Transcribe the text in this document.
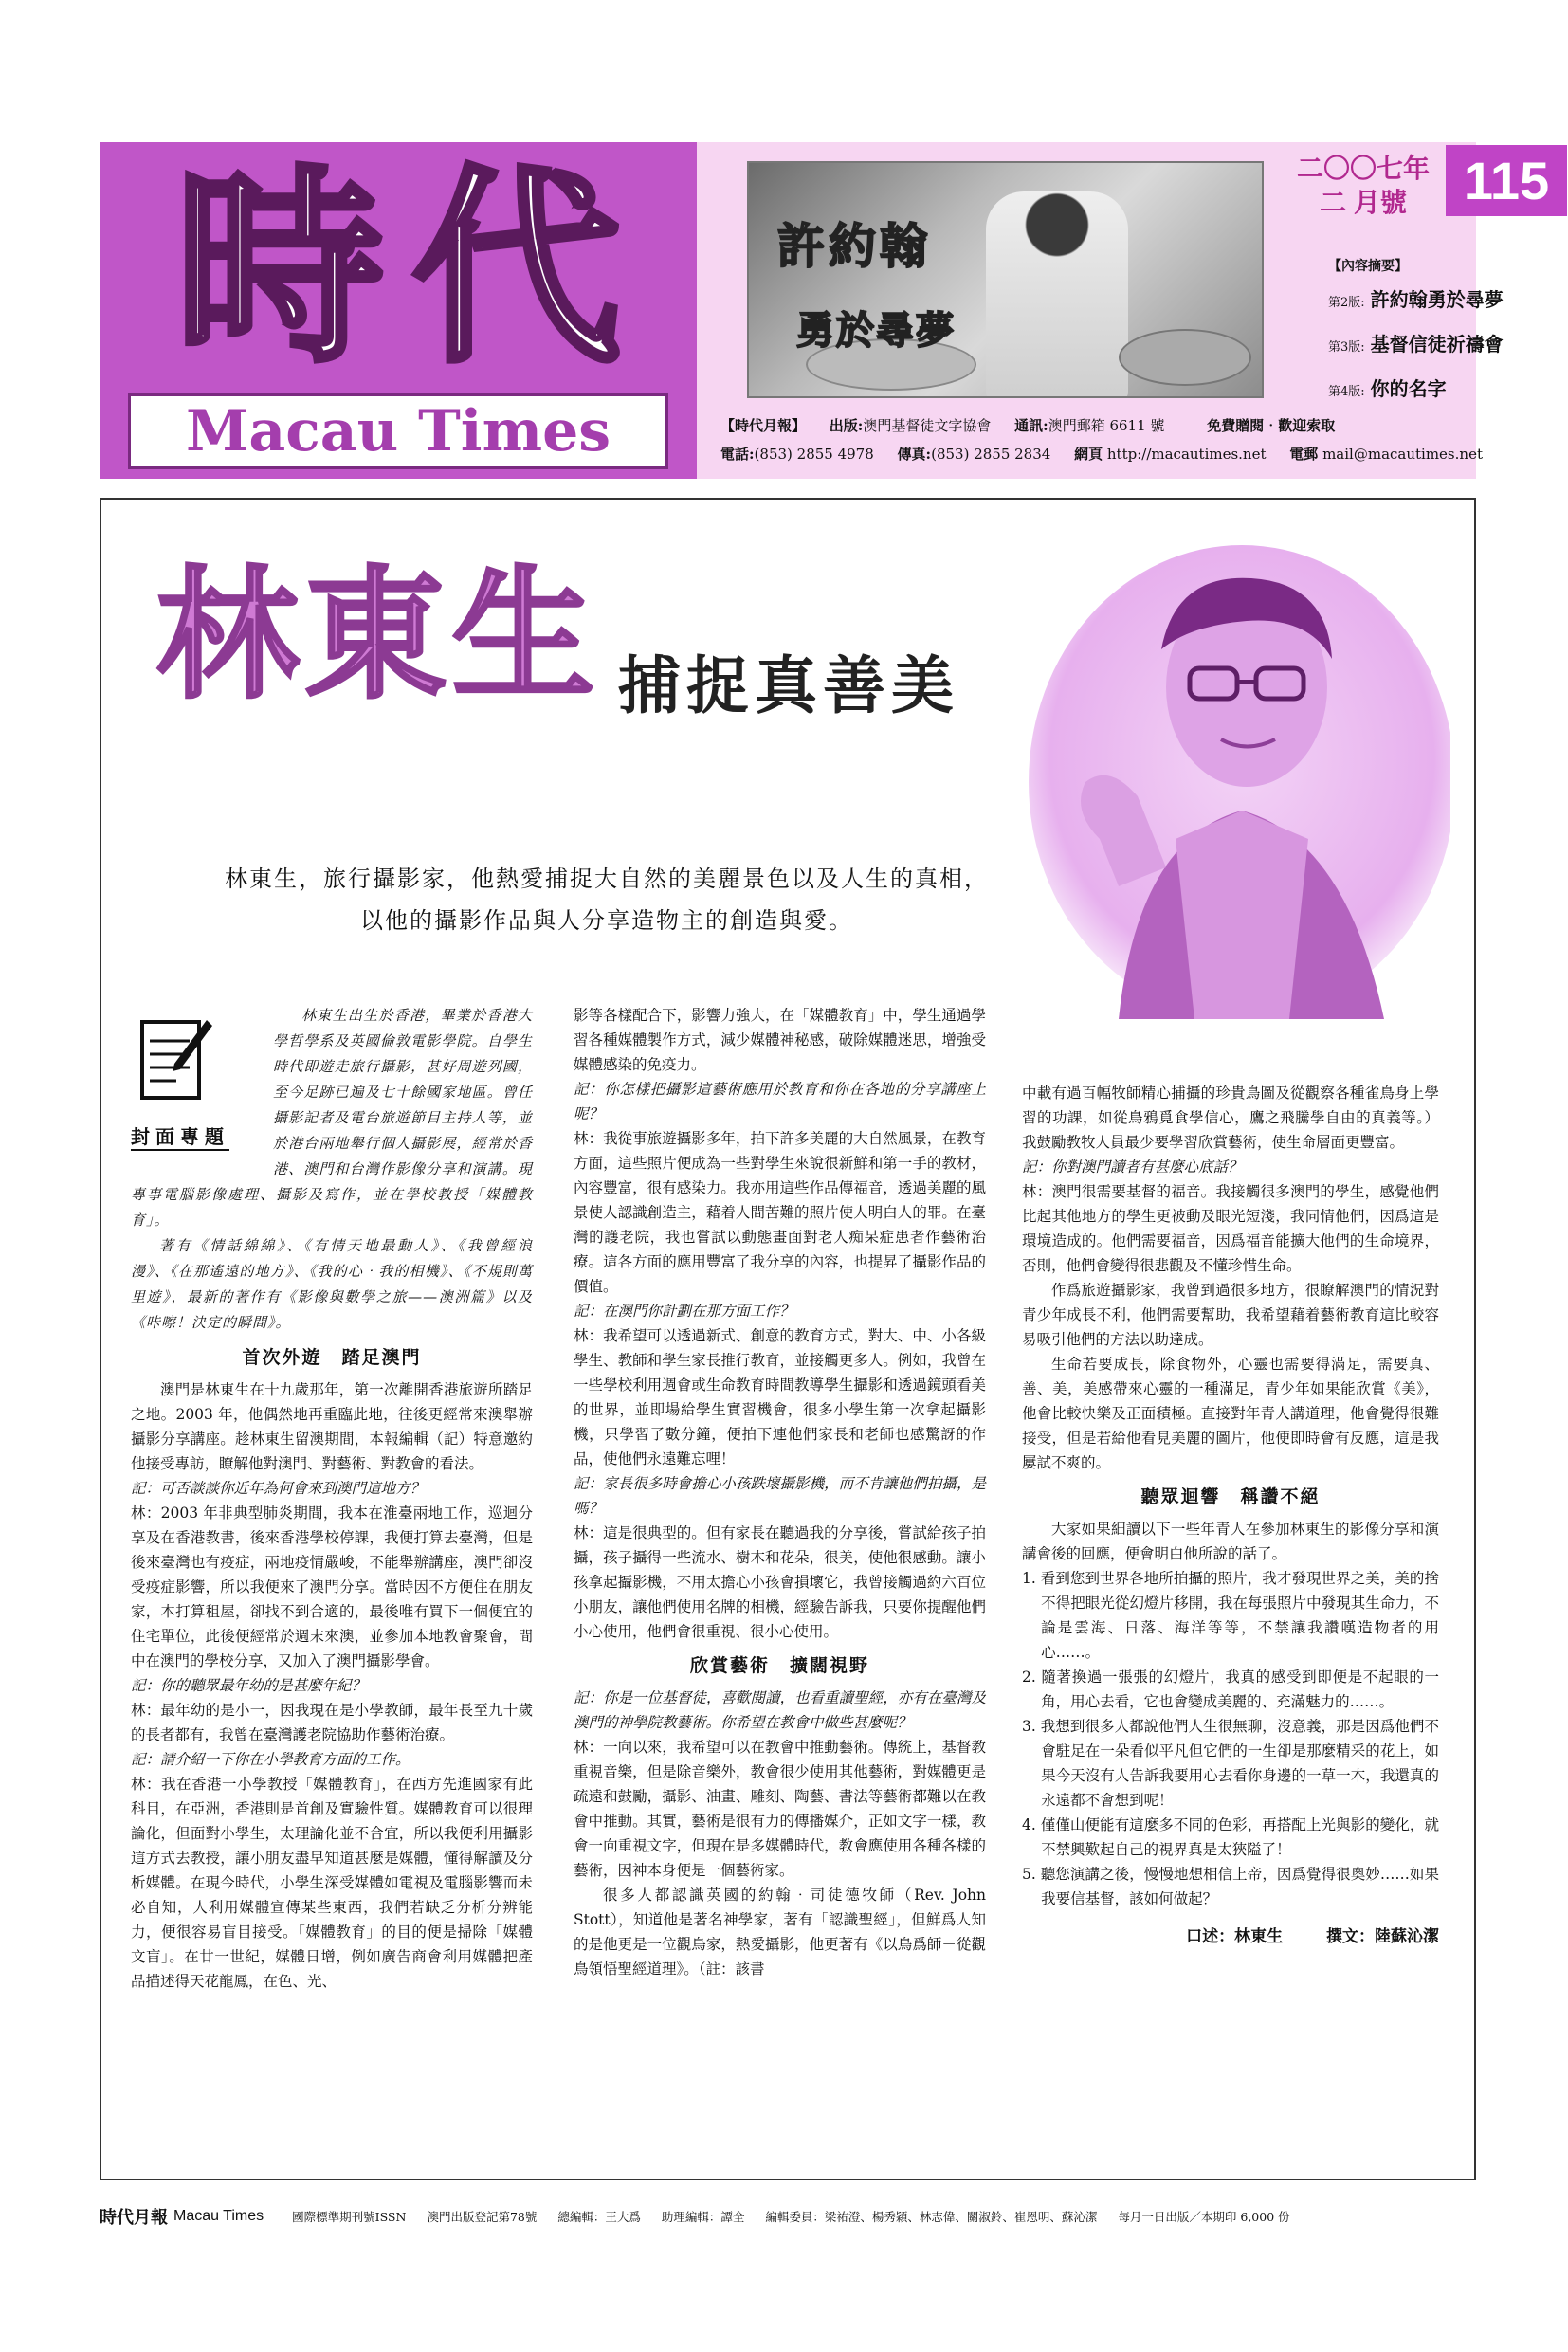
時 代
Macau Times
許約翰
勇於尋夢
二〇〇七年
二 月號	115
【內容摘要】
第2版: 許約翰勇於尋夢
第3版: 基督信徒祈禱會
第4版: 你的名字
【時代月報】 出版:澳門基督徒文字協會 通訊:澳門郵箱 6611 號	免費贈閱‧歡迎索取
電話:(853) 2855 4978 傳真:(853) 2855 2834 網頁 http://macautimes.net 電郵 mail@macautimes.net
林東生 捕捉真善美
林東生，旅行攝影家，他熱愛捕捉大自然的美麗景色以及人生的真相，
以他的攝影作品與人分享造物主的創造與愛。
封面專題

林東生出生於香港，畢業於香港大學哲學系及英國倫敦電影學院。自學生時代即遊走旅行攝影，甚好周遊列國，至今足跡已遍及七十餘國家地區。曾任攝影記者及電台旅遊節目主持人等，並於港台兩地舉行個人攝影展，經常於香港、澳門和台灣作影像分享和演講。現專事電腦影像處理、攝影及寫作，並在學校教授「媒體教育」。

著有《情話綿綿》、《有情天地最動人》、《我曾經浪漫》、《在那遙遠的地方》、《我的心‧我的相機》、《不規則萬里遊》，最新的著作有《影像與數學之旅——澳洲篇》以及《咔嚓！決定的瞬間》。

首次外遊　踏足澳門

澳門是林東生在十九歲那年，第一次離開香港旅遊所踏足之地。2003 年，他偶然地再重臨此地，往後更經常來澳舉辦攝影分享講座。趁林東生留澳期間，本報編輯（記）特意邀約他接受專訪，瞭解他對澳門、對藝術、對教會的看法。

記：可否談談你近年為何會來到澳門這地方？

林：2003 年非典型肺炎期間，我本在淮臺兩地工作，巡迴分享及在香港教書，後來香港學校停課，我便打算去臺灣，但是後來臺灣也有疫症，兩地疫情嚴峻，不能舉辦講座，澳門卻沒受疫症影響，所以我便來了澳門分享。當時因不方便住在朋友家，本打算租屋，卻找不到合適的，最後唯有買下一個便宜的住宅單位，此後便經常於週末來澳，並參加本地教會聚會，間中在澳門的學校分享，又加入了澳門攝影學會。

記：你的聽眾最年幼的是甚麼年紀？

林：最年幼的是小一，因我現在是小學教師，最年長至九十歲的長者都有，我曾在臺灣護老院協助作藝術治療。

記：請介紹一下你在小學教育方面的工作。

林：我在香港一小學教授「媒體教育」，在西方先進國家有此科目，在亞洲，香港則是首創及實驗性質。媒體教育可以很理論化，但面對小學生，太理論化並不合宜，所以我便利用攝影這方式去教授，讓小朋友盡早知道甚麼是媒體，懂得解讀及分析媒體。在現今時代，小學生深受媒體如電視及電腦影響而未必自知，人利用媒體宣傳某些東西，我們若缺乏分析分辨能力，便很容易盲目接受。「媒體教育」的目的便是掃除「媒體文盲」。在廿一世紀，媒體日增，例如廣告商會利用媒體把產品描述得天花龍鳳，在色、光、

影等各樣配合下，影響力強大，在「媒體教育」中，學生通過學習各種媒體製作方式，減少媒體神秘感，破除媒體迷思，增強受媒體感染的免疫力。

記：你怎樣把攝影這藝術應用於教育和你在各地的分享講座上呢？

林：我從事旅遊攝影多年，拍下許多美麗的大自然風景，在教育方面，這些照片便成為一些對學生來說很新鮮和第一手的教材，內容豐富，很有感染力。我亦用這些作品傳福音，透過美麗的風景使人認識創造主，藉着人間苦難的照片使人明白人的罪。在臺灣的護老院，我也嘗試以動態畫面對老人痴呆症患者作藝術治療。這各方面的應用豐富了我分享的內容，也提昇了攝影作品的價值。

記：在澳門你計劃在那方面工作？

林：我希望可以透過新式、創意的教育方式，對大、中、小各級學生、教師和學生家長推行教育，並接觸更多人。例如，我曾在一些學校利用週會或生命教育時間教導學生攝影和透過鏡頭看美的世界，並即場給學生實習機會，很多小學生第一次拿起攝影機，只學習了數分鐘，便拍下連他們家長和老師也感驚訝的作品，使他們永遠難忘哩！

記：家長很多時會擔心小孩跌壞攝影機，而不肯讓他們拍攝，是嗎？

林：這是很典型的。但有家長在聽過我的分享後，嘗試給孩子拍攝，孩子攝得一些流水、樹木和花朵，很美，使他很感動。讓小孩拿起攝影機，不用太擔心小孩會損壞它，我曾接觸過約六百位小朋友，讓他們使用名牌的相機，經驗告訴我，只要你提醒他們小心使用，他們會很重視、很小心使用。

欣賞藝術　擴闊視野

記：你是一位基督徒，喜歡閱讀，也看重讀聖經，亦有在臺灣及澳門的神學院教藝術。你希望在教會中做些甚麼呢？

林：一向以來，我希望可以在教會中推動藝術。傳統上，基督教重視音樂，但是除音樂外，教會很少使用其他藝術，對媒體更是疏遠和鼓勵，攝影、油畫、雕刻、陶藝、書法等藝術都難以在教會中推動。其實，藝術是很有力的傳播媒介，正如文字一樣，教會一向重視文字，但現在是多媒體時代，教會應使用各種各樣的藝術，因神本身便是一個藝術家。

很多人都認識英國的約翰‧司徒德牧師（Rev. John Stott），知道他是著名神學家，著有「認識聖經」，但鮮爲人知的是他更是一位觀鳥家，熱愛攝影，他更著有《以鳥爲師－從觀鳥領悟聖經道理》。（註：該書

中載有過百幅牧師精心捕攝的珍貴鳥圖及從觀察各種雀鳥身上學習的功課，如從鳥鴉覓食學信心，鷹之飛騰學自由的真義等。）我鼓勵教牧人員最少要學習欣賞藝術，使生命層面更豐富。

記：你對澳門讀者有甚麼心底話？

林：澳門很需要基督的福音。我接觸很多澳門的學生，感覺他們比起其他地方的學生更被動及眼光短淺，我同情他們，因爲這是環境造成的。他們需要福音，因爲福音能擴大他們的生命境界，否則，他們會變得很悲觀及不懂珍惜生命。

作爲旅遊攝影家，我曾到過很多地方，很瞭解澳門的情況對青少年成長不利，他們需要幫助，我希望藉着藝術教育這比較容易吸引他們的方法以助達成。

生命若要成長，除食物外，心靈也需要得滿足，需要真、善、美，美感帶來心靈的一種滿足，青少年如果能欣賞《美》，他會比較快樂及正面積極。直接對年青人講道理，他會覺得很難接受，但是若給他看見美麗的圖片，他便即時會有反應，這是我屢試不爽的。

聽眾迴響　稱讚不絕

大家如果細讀以下一些年青人在參加林東生的影像分享和演講會後的回應，便會明白他所說的話了。

1. 看到您到世界各地所拍攝的照片，我才發現世界之美，美的捨不得把眼光從幻燈片移開，我在每張照片中發現其生命力，不論是雲海、日落、海洋等等，不禁讓我讚嘆造物者的用心……。
2. 隨著換過一張張的幻燈片，我真的感受到即便是不起眼的一角，用心去看，它也會變成美麗的、充滿魅力的……。
3. 我想到很多人都說他們人生很無聊，沒意義，那是因爲他們不會駐足在一朵看似平凡但它們的一生卻是那麼精采的花上，如果今天沒有人告訴我要用心去看你身邊的一草一木，我還真的永遠都不會想到呢！
4. 僅僅山便能有這麼多不同的色彩，再搭配上光與影的變化，就不禁興歎起自己的視界真是太狹隘了！
5. 聽您演講之後，慢慢地想相信上帝，因爲覺得很奧妙……如果我要信基督，該如何做起？
口述：林東生	撰文：陸蘇沁潔
時代月報 Macau Times 國際標準期刊號ISSN 澳門出版登記第78號 總編輯：王大爲 助理編輯：譚全 編輯委員：梁祐澄、楊秀穎、林志偉、關淑鈴、崔恩明、蘇沁潔 每月一日出版／本期印 6,000 份
